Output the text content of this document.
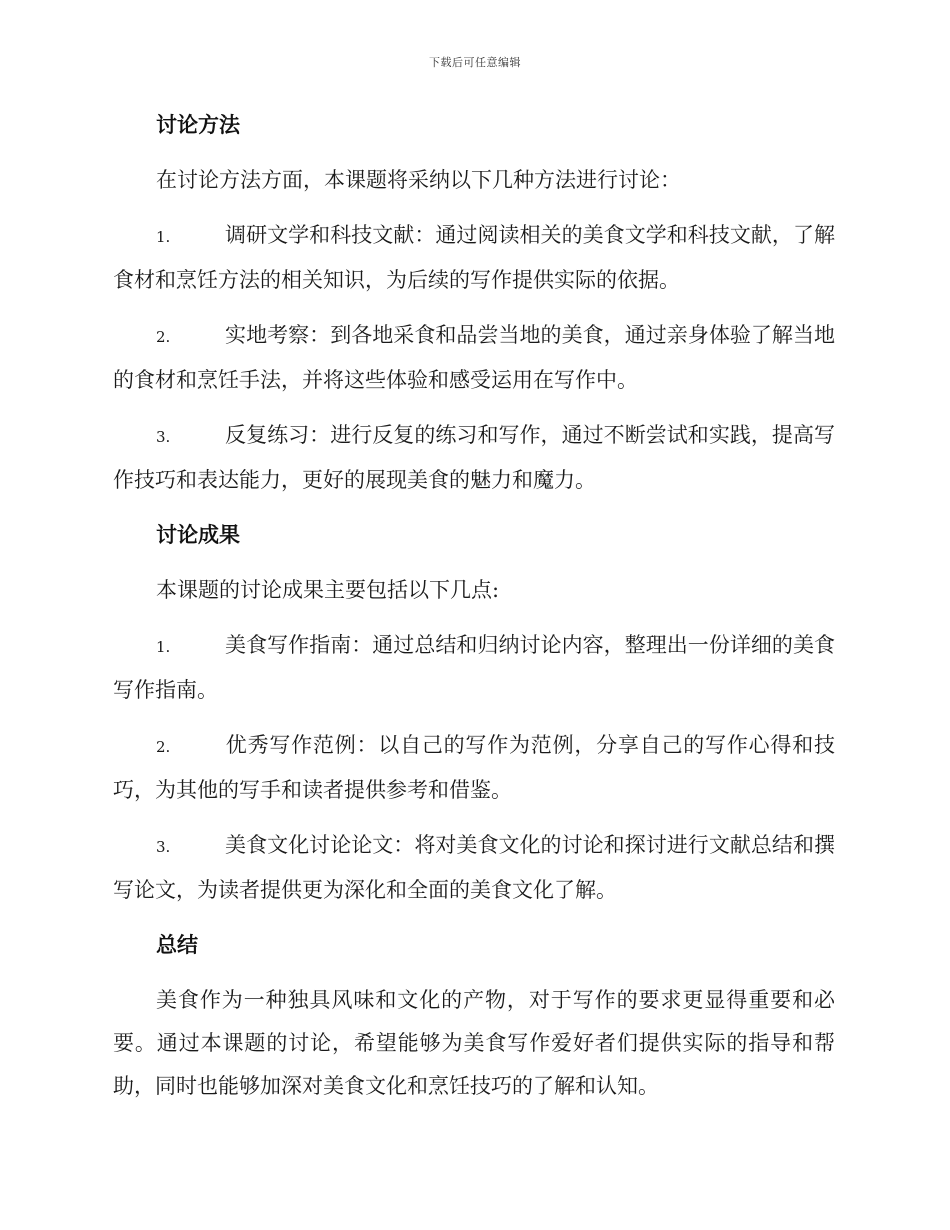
下载后可任意编辑
讨论方法

在讨论方法方面，本课题将采纳以下几种方法进行讨论：

1.	调研文学和科技文献：通过阅读相关的美食文学和科技文献，了解食材和烹饪方法的相关知识，为后续的写作提供实际的依据。

2.	实地考察：到各地采食和品尝当地的美食，通过亲身体验了解当地的食材和烹饪手法，并将这些体验和感受运用在写作中。

3.	反复练习：进行反复的练习和写作，通过不断尝试和实践，提高写作技巧和表达能力，更好的展现美食的魅力和魔力。

讨论成果

本课题的讨论成果主要包括以下几点:

1.	美食写作指南：通过总结和归纳讨论内容，整理出一份详细的美食写作指南。

2.	优秀写作范例：以自己的写作为范例，分享自己的写作心得和技巧，为其他的写手和读者提供参考和借鉴。

3.	美食文化讨论论文：将对美食文化的讨论和探讨进行文献总结和撰写论文，为读者提供更为深化和全面的美食文化了解。

总结

美食作为一种独具风味和文化的产物，对于写作的要求更显得重要和必要。通过本课题的讨论，希望能够为美食写作爱好者们提供实际的指导和帮助，同时也能够加深对美食文化和烹饪技巧的了解和认知。
